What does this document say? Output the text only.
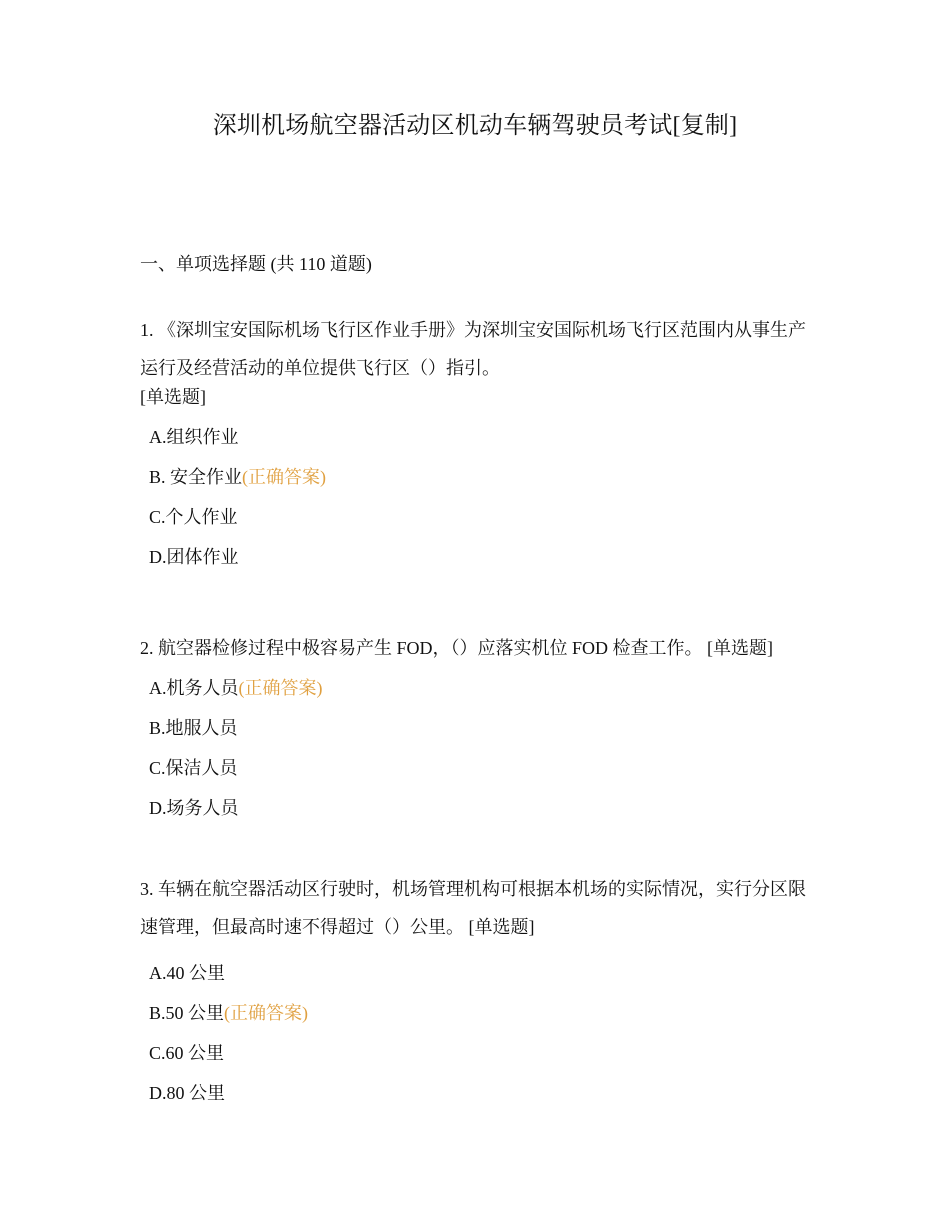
深圳机场航空器活动区机动车辆驾驶员考试[复制]
一、单项选择题 (共 110 道题)

1. 《深圳宝安国际机场飞行区作业手册》为深圳宝安国际机场飞行区范围内从事生产运行及经营活动的单位提供飞行区（）指引。

[单选题]

A.组织作业
B. 安全作业(正确答案)
C.个人作业
D.团体作业

2. 航空器检修过程中极容易产生 FOD，（）应落实机位 FOD 检查工作。 [单选题]

A.机务人员(正确答案)
B.地服人员
C.保洁人员
D.场务人员

3. 车辆在航空器活动区行驶时，机场管理机构可根据本机场的实际情况，实行分区限速管理，但最高时速不得超过（）公里。 [单选题]

A.40 公里
B.50 公里(正确答案)
C.60 公里
D.80 公里
